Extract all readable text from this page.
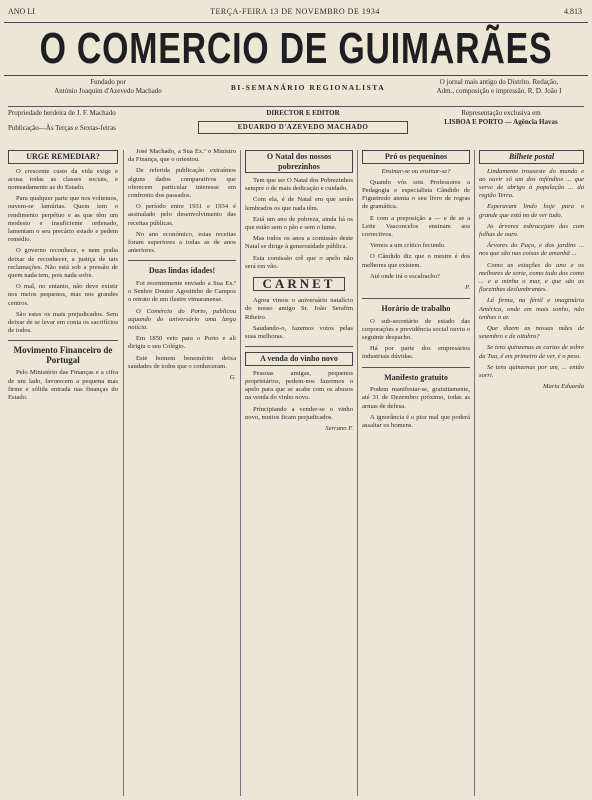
ANO LI	TERÇA-FEIRA 13 DE NOVEMBRO DE 1934	4.813
O COMERCIO DE GUIMARÃES
Fundado por
António Joaquim d'Azevedo Machado	BI-SEMANÁRIO REGIONALISTA
O jornal mais antigo do Distrito. Redação,
Adm., composição e impressão, R. D. João I
Propriedade herdeira de J. F. Machado
Publicação—Às Terças e Sextas-feiras
DIRECTOR E EDITOR
EDUARDO D'AZEVEDO MACHADO
Representação exclusiva em
LISBOA E PORTO — Agência Havas
URGE REMEDIAR?

O crescente custo da vida exige e acusa todas as classes sociais, e nomeadamente as do Estado.

Para qualquer parte que nos voltemos, ouvem-se lamúrias. Quem tem o rendimento perpétuo e as que têm um modesto e insuficiente ordenado, lamentam o seu precário estado e pedem remédio.

O governo reconhece, e nem podia deixar de reconhecer, a justiça de tais reclamações. Não está sob a pressão de quem nada tem, pois nada sofre.

O mal, no entanto, não deve existir nos meios pequenos, mas nos grandes centros.

São estes os mais prejudicados. Sem deixar de se levar em conta os sacrifícios de todos.

Movimento Financeiro de Portugal

Pelo Ministério das Finanças e a cifra de um lado, favorecem a pequena mas firme e sólida entrada nas finanças do Estado.

José Machado, a Sua Ex.ª o Ministro da Finança, que o orientou.

De referida publicação extraímos alguns dados comparativos que oferecem particular interesse em confronto dos passados.

O período entre 1931 e 1934 é assinalado pelo desenvolvimento das receitas públicas.

No ano económico, estas receitas foram superiores a todas as de anos anteriores.

Duas lindas idades!

Foi recentemente enviado a Sua Ex.ª o Senhor Doutor Agostinho de Campos o retrato de um ilustre vimaranense.

O Comércio do Porto, publicou aquando do aniversário uma larga notícia.

Em 1850 veio para o Porto e ali dirigiu o seu Colégio.

Este homem benemérito deixa saudades de todos que o conheceram.

G.
O Natal dos nossos pobrezinhos

Tem que ser O Natal dos Pobrezinhos sempre o de mais dedicação e cuidado.

Com ela, é de Natal em que serão lembrados os que nada têm.

Está um ano de pobreza, ainda há os que estão sem o pão e sem o lume.

Mas todos os anos a comissão deste Natal se dirige à generosidade pública.

Esta comissão crê que o apelo não será em vão.

CARNET

Agora vimos o aniversário natalício do nosso amigo Sr. João Serafim Ribeiro.

Saudando-o, fazemos votos pelas suas melhoras.

A venda do vinho novo

Pessoas amigas, pequenos proprietários, pedem-nos fazermos o apelo para que se acabe com os abusos na venda do vinho novo.

Principiando a vender-se o vinho novo, muitos ficam prejudicados.

Serrano F.
Pró os pequeninos

Ensinar-se ou ensinar-se?

Quando vós sois Professores a Pedagogia e especialista Cândido de Figueiredo atenta o seu livro de regras de gramática.

E com a preposição a — e de se a Leite Vasconcelos ensinam aos correctivos.

Vemos a um crítico fecundo.

O Cândido diz que o mestre é dos melhores que existem.

Até onde irá o escalracho?

P.
Horário de trabalho

O sub-secretário de estado das corporações e previdência social ouviu o seguinte despacho.

Há por parte dos empresários industriais dúvidas.

Manifesto gratuito

Podem manifestar-se, gratuitamente, até 31 de Dezembro próximo, todas as armas de defesa.

A ignorância é o pior mal que poderá assaltar os homens.

Bilhete postal

Lindamente trouxeste do mundo e ao ouvir só um dos inféndios ... que serve de abrigo à população ... da região Terra.

Esperavam lindo hoje para o grande que está no de ver tudo.

As árvores esbracejam das com folhas de ouro.

Árvores do Paço, e dos jardins ... nos que são nas coisas de amanhã ...

Como as estações do ano e os melhores de sorte, como tudo dos como ... e a minha o mar, e que são as florzinhas deslumbrantes.

Lá firma, na fértil e imaginária América, onde em mais sonho, não tenhas o ar.

Que dizem as nossas mães de setembro e de oitubro?

Se tens quinzenas as cartas de sobre da Tua, é em primeiro de ver, é o peso.

Se tens quinzenas por um, ... então sorri.

Maria Eduarda
